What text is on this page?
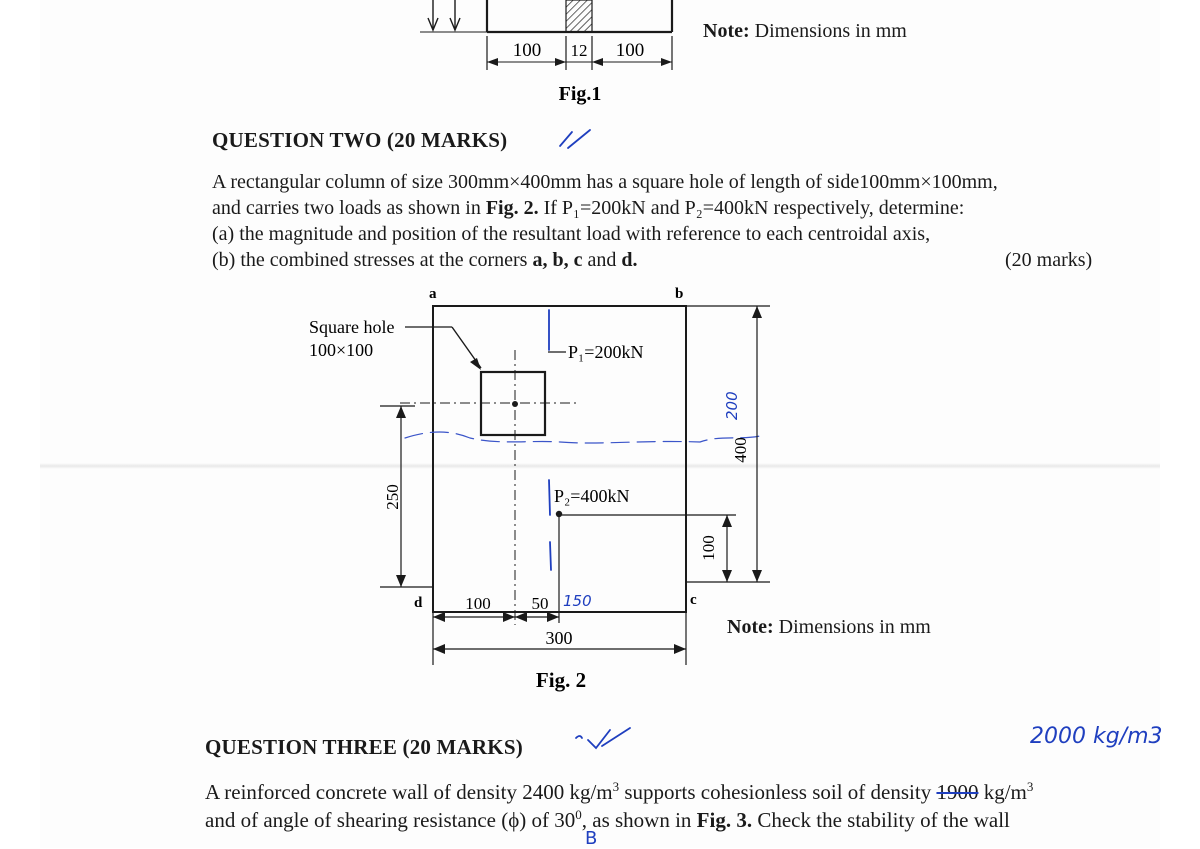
100 12 100
Fig.1
Note: Dimensions in mm
QUESTION TWO (20 MARKS)
A rectangular column of size 300mm×400mm has a square hole of length of side100mm×100mm,
and carries two loads as shown in Fig. 2. If P₁=200kN and P₂=400kN respectively, determine:
(a) the magnitude and position of the resultant load with reference to each centroidal axis,
(b) the combined stresses at the corners a, b, c and d.	(20 marks)
a	b
c
d
Square hole
100×100	P₁=200kN
P₂=400kN
250
400
100
100 50
300
200
150
Fig. 2
Note: Dimensions in mm
QUESTION THREE (20 MARKS)	2000 kg/m3
A reinforced concrete wall of density 2400 $kg/m^3$ supports cohesionless soil of density 1900 $kg/m^3$
and of angle of shearing resistance (ϕ) of $30^0$, as shown in Fig. 3. Check the stability of the wall
B
